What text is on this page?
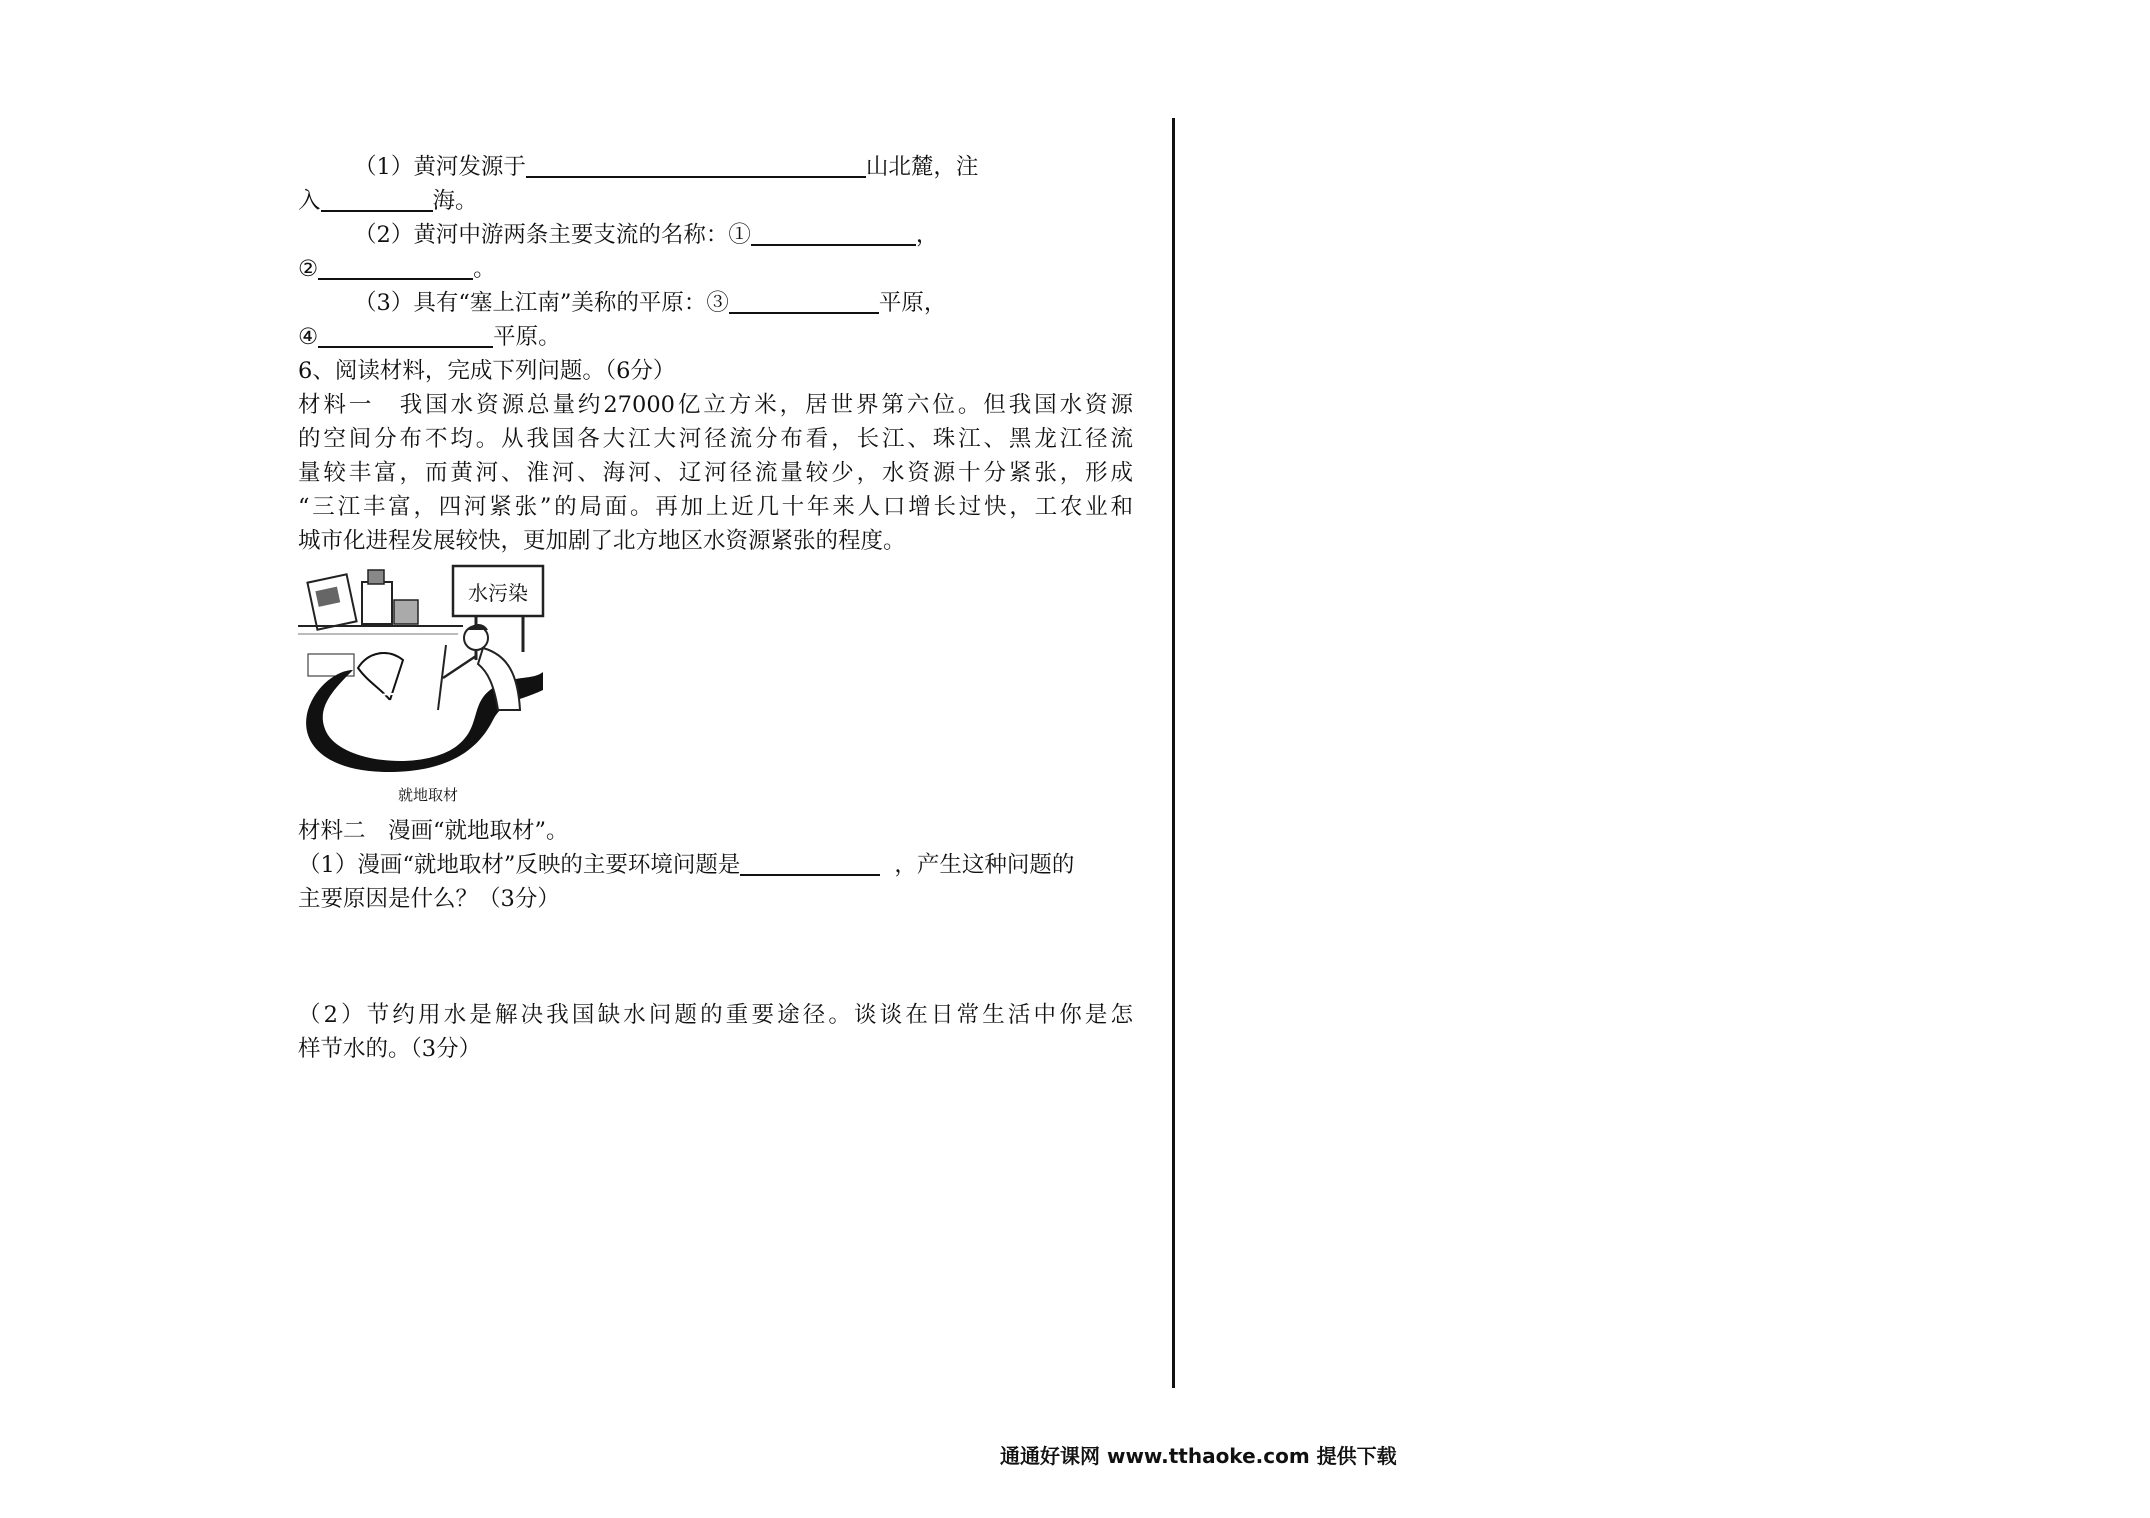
（1）黄河发源于	山北麓，注
入	海。
（2）黄河中游两条主要支流的名称：①	，
②	。
（3）具有“塞上江南”美称的平原：③	平原，
④	平原。
6、阅读材料，完成下列问题。（6分）
材料一　我国水资源总量约27000亿立方米，居世界第六位。但我国水资源
的空间分布不均。从我国各大江大河径流分布看，长江、珠江、黑龙江径流
量较丰富，而黄河、淮河、海河、辽河径流量较少，水资源十分紧张，形成
“三江丰富，四河紧张”的局面。再加上近几十年来人口增长过快，工农业和
城市化进程发展较快，更加剧了北方地区水资源紧张的程度。
材料二　漫画“就地取材”。
（1）漫画“就地取材”反映的主要环境问题是	，产生这种问题的
主要原因是什么？（3分）
（2）节约用水是解决我国缺水问题的重要途径。谈谈在日常生活中你是怎
样节水的。（3分）
水污染
就地取材
通通好课网 www.tthaoke.com 提供下载
